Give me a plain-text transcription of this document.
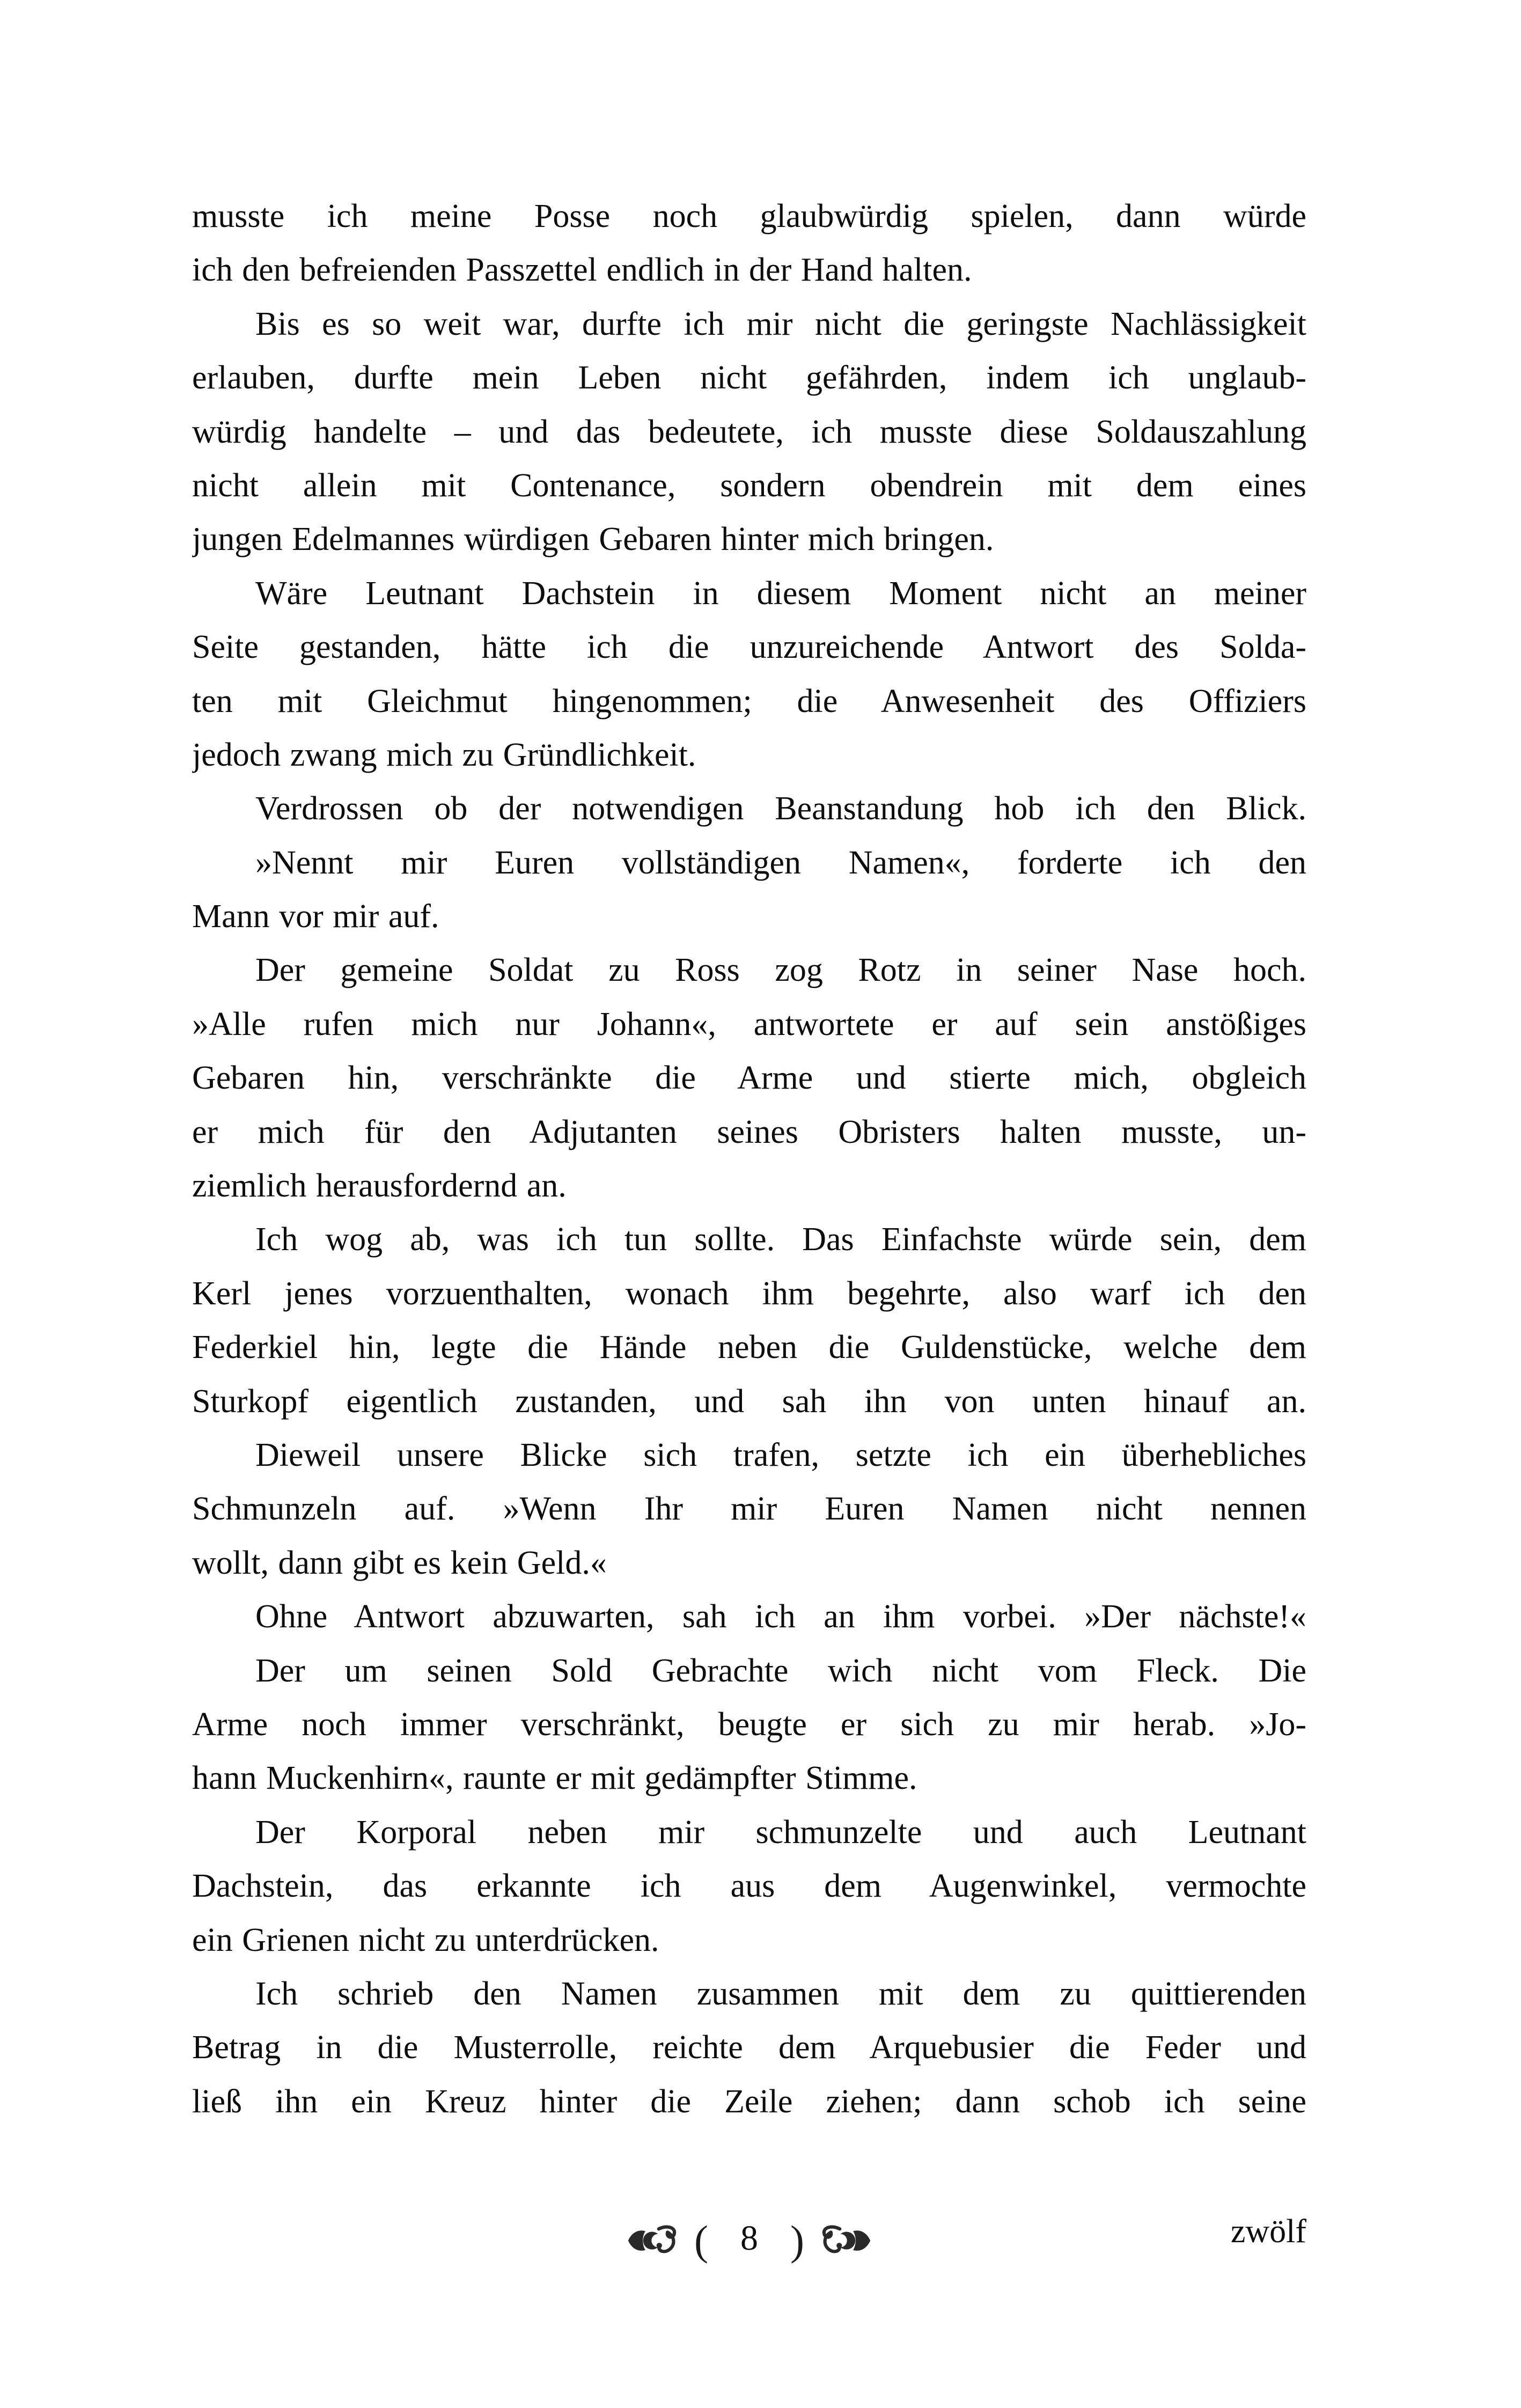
musste ich meine Posse noch glaubwürdig spielen, dann würde
ich den befreienden Passzettel endlich in der Hand halten.
Bis es so weit war, durfte ich mir nicht die geringste Nachlässigkeit
erlauben, durfte mein Leben nicht gefährden, indem ich unglaub-
würdig handelte – und das bedeutete, ich musste diese Soldauszahlung
nicht allein mit Contenance, sondern obendrein mit dem eines
jungen Edelmannes würdigen Gebaren hinter mich bringen.
Wäre Leutnant Dachstein in diesem Moment nicht an meiner
Seite gestanden, hätte ich die unzureichende Antwort des Solda-
ten mit Gleichmut hingenommen; die Anwesenheit des Offiziers
jedoch zwang mich zu Gründlichkeit.
Verdrossen ob der notwendigen Beanstandung hob ich den Blick.
»Nennt mir Euren vollständigen Namen«, forderte ich den
Mann vor mir auf.
Der gemeine Soldat zu Ross zog Rotz in seiner Nase hoch.
»Alle rufen mich nur Johann«, antwortete er auf sein anstößiges
Gebaren hin, verschränkte die Arme und stierte mich, obgleich
er mich für den Adjutanten seines Obristers halten musste, un-
ziemlich herausfordernd an.
Ich wog ab, was ich tun sollte. Das Einfachste würde sein, dem
Kerl jenes vorzuenthalten, wonach ihm begehrte, also warf ich den
Federkiel hin, legte die Hände neben die Guldenstücke, welche dem
Sturkopf eigentlich zustanden, und sah ihn von unten hinauf an.
Dieweil unsere Blicke sich trafen, setzte ich ein überhebliches
Schmunzeln auf. »Wenn Ihr mir Euren Namen nicht nennen
wollt, dann gibt es kein Geld.«
Ohne Antwort abzuwarten, sah ich an ihm vorbei. »Der nächste!«
Der um seinen Sold Gebrachte wich nicht vom Fleck. Die
Arme noch immer verschränkt, beugte er sich zu mir herab. »Jo-
hann Muckenhirn«, raunte er mit gedämpfter Stimme.
Der Korporal neben mir schmunzelte und auch Leutnant
Dachstein, das erkannte ich aus dem Augenwinkel, vermochte
ein Grienen nicht zu unterdrücken.
Ich schrieb den Namen zusammen mit dem zu quittierenden
Betrag in die Musterrolle, reichte dem Arquebusier die Feder und
ließ ihn ein Kreuz hinter die Zeile ziehen; dann schob ich seine
( 8 )	zwölf
